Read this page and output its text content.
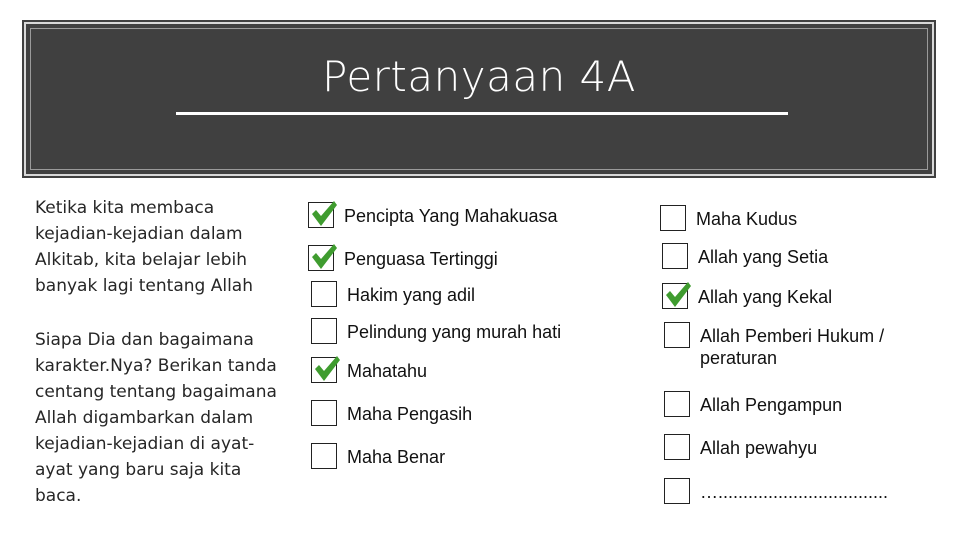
Pertanyaan 4A
Ketika kita membaca kejadian-kejadian dalam Alkitab, kita belajar lebih banyak lagi tentang Allah
Siapa Dia dan bagaimana karakter.Nya? Berikan tanda centang tentang bagaimana Allah digambarkan dalam kejadian-kejadian di ayat-ayat yang baru saja kita baca.
Pencipta Yang Mahakuasa
Penguasa Tertinggi
Hakim yang adil
Pelindung yang murah hati
Mahatahu
Maha Pengasih
Maha Benar
Maha Kudus
Allah yang Setia
Allah yang Kekal
Allah Pemberi Hukum /
peraturan
Allah Pengampun
Allah pewahyu
…..................................
